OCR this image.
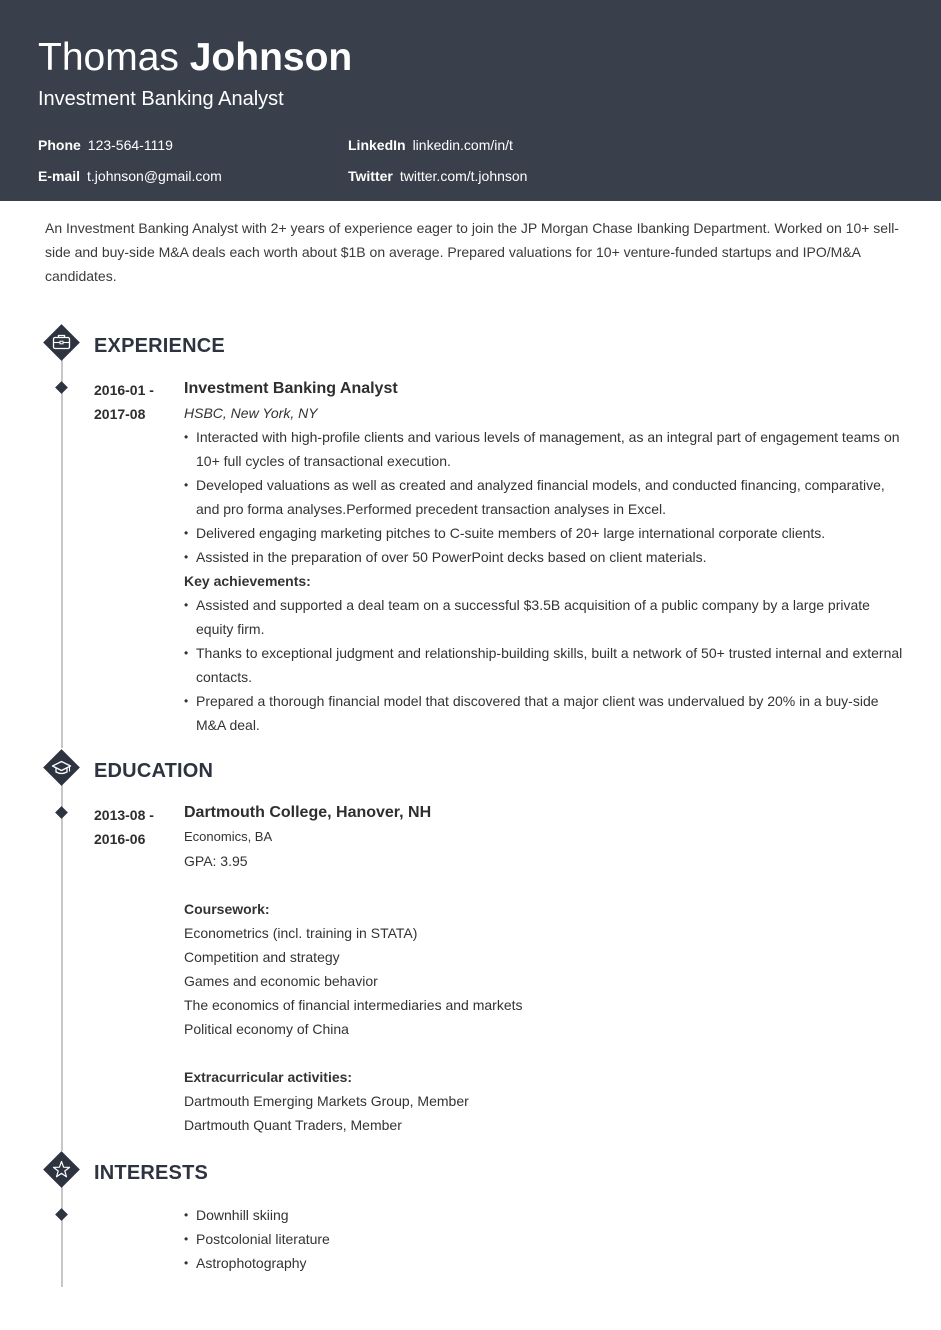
Thomas Johnson
Investment Banking Analyst
Phone 123-564-1119	LinkedIn linkedin.com/in/t
E-mail t.johnson@gmail.com	Twitter twitter.com/t.johnson
An Investment Banking Analyst with 2+ years of experience eager to join the JP Morgan Chase Ibanking Department. Worked on 10+ sell-side and buy-side M&A deals each worth about $1B on average. Prepared valuations for 10+ venture-funded startups and IPO/M&A candidates.
EXPERIENCE
2016-01 -
2017-08
Investment Banking Analyst
HSBC, New York, NY
• Interacted with high-profile clients and various levels of management, as an integral part of engagement teams on 10+ full cycles of transactional execution.
• Developed valuations as well as created and analyzed financial models, and conducted financing, comparative, and pro forma analyses.Performed precedent transaction analyses in Excel.
• Delivered engaging marketing pitches to C-suite members of 20+ large international corporate clients.
• Assisted in the preparation of over 50 PowerPoint decks based on client materials.
Key achievements:
• Assisted and supported a deal team on a successful $3.5B acquisition of a public company by a large private equity firm.
• Thanks to exceptional judgment and relationship-building skills, built a network of 50+ trusted internal and external contacts.
• Prepared a thorough financial model that discovered that a major client was undervalued by 20% in a buy-side M&A deal.
EDUCATION
2013-08 -
2016-06
Dartmouth College, Hanover, NH
Economics, BA
GPA: 3.95
Coursework:
Econometrics (incl. training in STATA)
Competition and strategy
Games and economic behavior
The economics of financial intermediaries and markets
Political economy of China
Extracurricular activities:
Dartmouth Emerging Markets Group, Member
Dartmouth Quant Traders, Member
INTERESTS
• Downhill skiing
• Postcolonial literature
• Astrophotography
